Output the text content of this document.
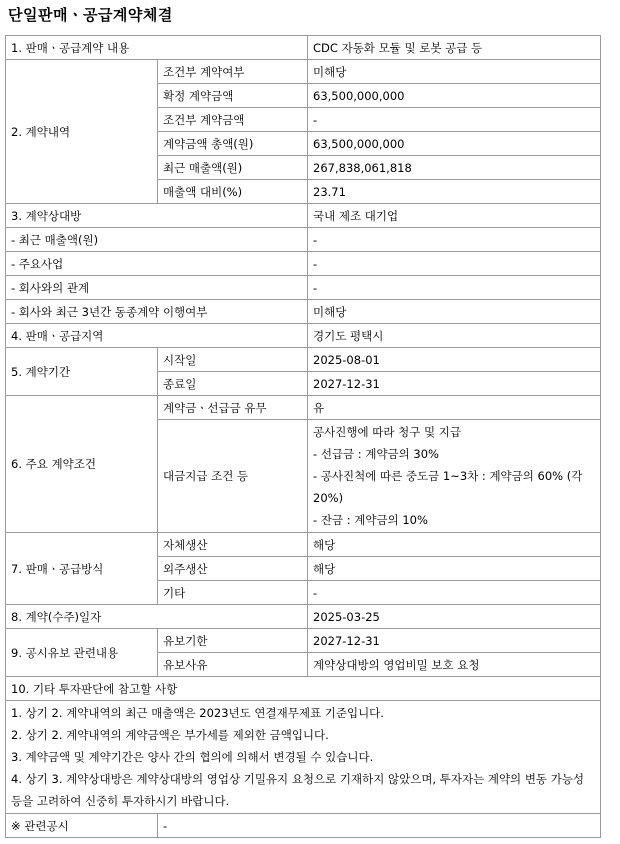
단일판매ㆍ공급계약체결
1. 판매ㆍ공급계약 내용		CDC 자동화 모듈 및 로봇 공급 등
2. 계약내역	조건부 계약여부	미해당
	확정 계약금액	63,500,000,000
	조건부 계약금액	-
	계약금액 총액(원)	63,500,000,000
	최근 매출액(원)	267,838,061,818
	매출액 대비(%)	23.71
3. 계약상대방		국내 제조 대기업
- 최근 매출액(원)		-
- 주요사업		-
- 회사와의 관계		-
- 회사와 최근 3년간 동종계약 이행여부		미해당
4. 판매ㆍ공급지역		경기도 평택시
5. 계약기간	시작일	2025-08-01
	종료일	2027-12-31
6. 주요 계약조건	계약금ㆍ선급금 유무	유
	대금지급 조건 등	공사진행에 따라 청구 및 지급
- 선급금 : 계약금의 30%
- 공사진척에 따른 중도금 1~3차 : 계약금의 60% (각 20%)
- 잔금 : 계약금의 10%

7. 판매ㆍ공급방식	자체생산	해당
	외주생산	해당
	기타	-
8. 계약(수주)일자		2025-03-25
9. 공시유보 관련내용	유보기한	2027-12-31
	유보사유	계약상대방의 영업비밀 보호 요청
10. 기타 투자판단에 참고할 사항		

1. 상기 2. 계약내역의 최근 매출액은 2023년도 연결재무제표 기준입니다.
2. 상기 2. 계약내역의 계약금액은 부가세를 제외한 금액입니다.
3. 계약금액 및 계약기간은 양사 간의 협의에 의해서 변경될 수 있습니다.
4. 상기 3. 계약상대방은 계약상대방의 영업상 기밀유지 요청으로 기재하지 않았으며, 투자자는 계약의 변동 가능성 등을 고려하여 신중히 투자하시기 바랍니다.		

※ 관련공시	-	
